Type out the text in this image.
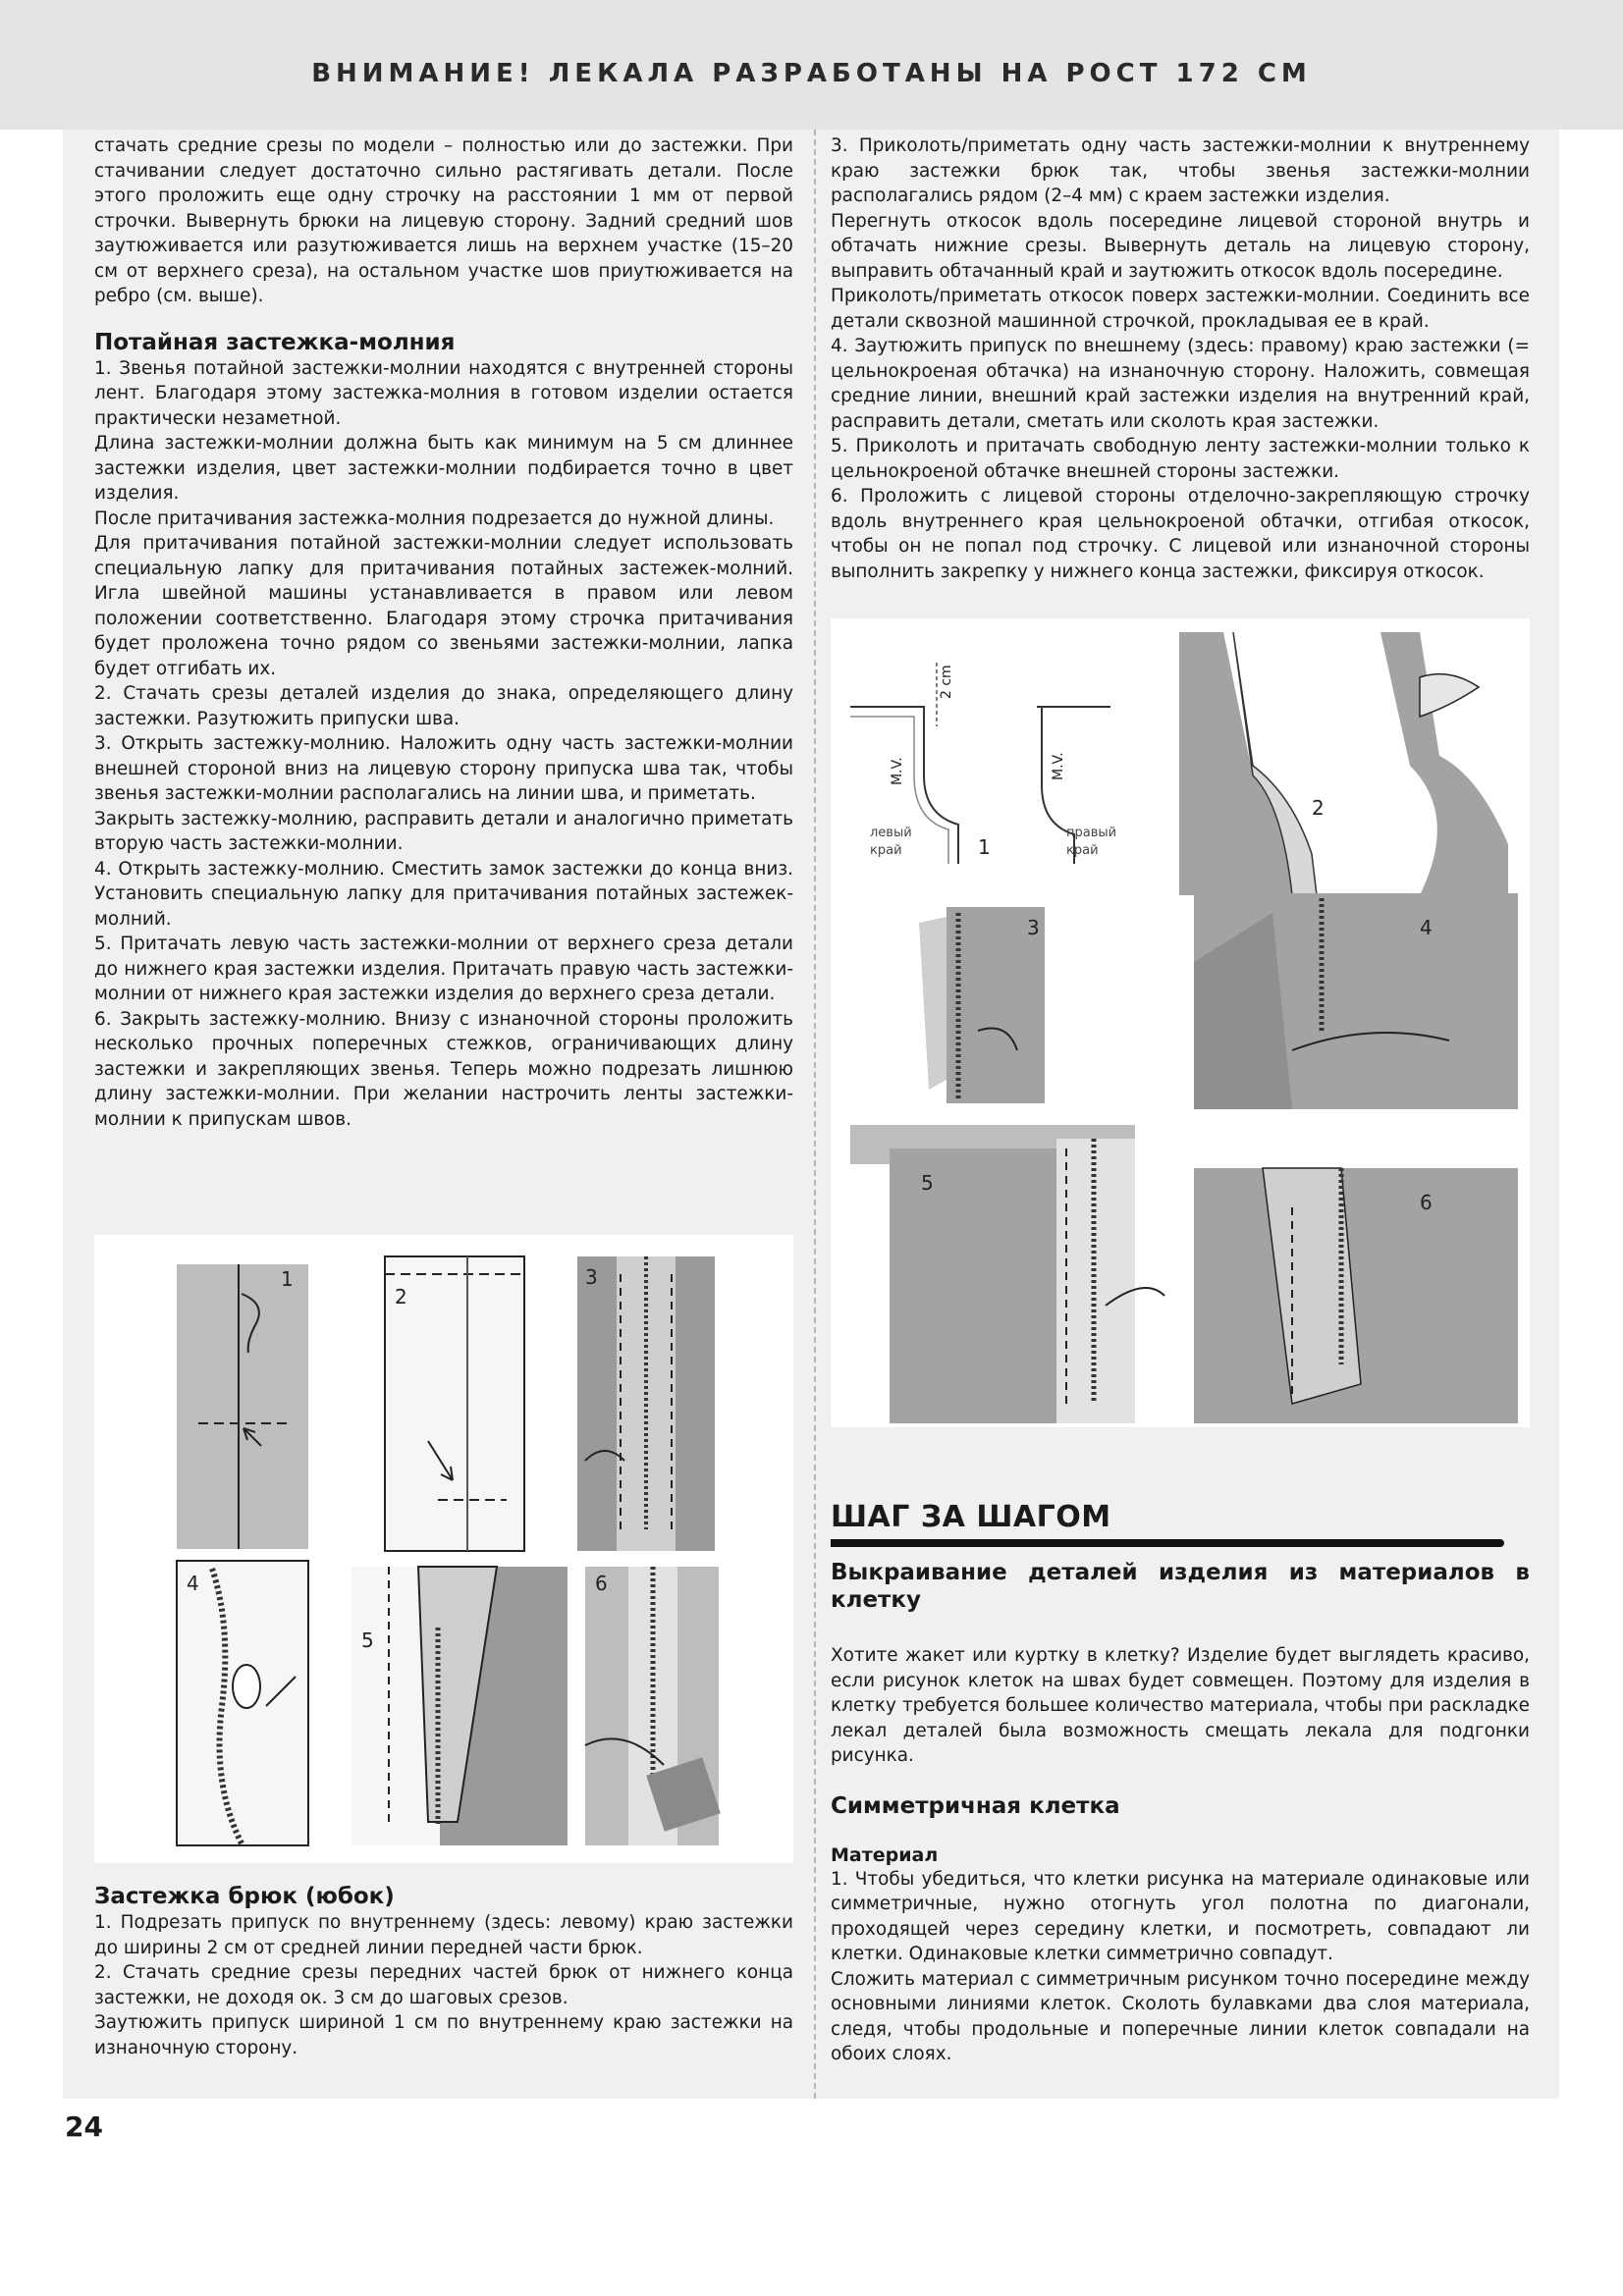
ВНИМАНИЕ! ЛЕКАЛА РАЗРАБОТАНЫ НА РОСТ 172 СМ

стачать средние срезы по модели – полностью или до застежки. При стачивании следует достаточно сильно растягивать детали. После этого проложить еще одну строчку на расстоянии 1 мм от первой строчки. Вывернуть брюки на лицевую сторону. Задний средний шов заутюживается или разутюживается лишь на верхнем участке (15–20 см от верхнего среза), на остальном участке шов приутюживается на ребро (см. выше).

Потайная застежка-молния

1. Звенья потайной застежки-молнии находятся с внутренней стороны лент. Благодаря этому застежка-молния в готовом изделии остается практически незаметной.

Длина застежки-молнии должна быть как минимум на 5 см длиннее застежки изделия, цвет застежки-молнии подбирается точно в цвет изделия.

После притачивания застежка-молния подрезается до нужной длины.

Для притачивания потайной застежки-молнии следует использовать специальную лапку для притачивания потайных застежек-молний. Игла швейной машины устанавливается в правом или левом положении соответственно. Благодаря этому строчка притачивания будет проложена точно рядом со звеньями застежки-молнии, лапка будет отгибать их.

2. Стачать срезы деталей изделия до знака, определяющего длину застежки. Разутюжить припуски шва.

3. Открыть застежку-молнию. Наложить одну часть застежки-молнии внешней стороной вниз на лицевую сторону припуска шва так, чтобы звенья застежки-молнии располагались на линии шва, и приметать.

Закрыть застежку-молнию, расправить детали и аналогично приметать вторую часть застежки-молнии.

4. Открыть застежку-молнию. Сместить замок застежки до конца вниз. Установить специальную лапку для притачивания потайных застежек-молний.

5. Притачать левую часть застежки-молнии от верхнего среза детали до нижнего края застежки изделия. Притачать правую часть застежки-молнии от нижнего края застежки изделия до верхнего среза детали.

6. Закрыть застежку-молнию. Внизу с изнаночной стороны проложить несколько прочных поперечных стежков, ограничивающих длину застежки и закрепляющих звенья. Теперь можно подрезать лишнюю длину застежки-молнии. При желании настрочить ленты застежки-молнии к припускам швов.

1
2
3
4
5
6
Застежка брюк (юбок)

1. Подрезать припуск по внутреннему (здесь: левому) краю застежки до ширины 2 см от средней линии передней части брюк.

2. Стачать средние срезы передних частей брюк от нижнего конца застежки, не доходя ок. 3 см до шаговых срезов.

Заутюжить припуск шириной 1 см по внутреннему краю застежки на изнаночную сторону.

3. Приколоть/приметать одну часть застежки-молнии к внутреннему краю застежки брюк так, чтобы звенья застежки-молнии располагались рядом (2–4 мм) с краем застежки изделия.

Перегнуть откосок вдоль посередине лицевой стороной внутрь и обтачать нижние срезы. Вывернуть деталь на лицевую сторону, выправить обтачанный край и заутюжить откосок вдоль посередине.

Приколоть/приметать откосок поверх застежки-молнии. Соединить все детали сквозной машинной строчкой, прокладывая ее в край.

4. Заутюжить припуск по внешнему (здесь: правому) краю застежки (= цельнокроеная обтачка) на изнаночную сторону. Наложить, совмещая средние линии, внешний край застежки изделия на внутренний край, расправить детали, сметать или сколоть края застежки.

5. Приколоть и притачать свободную ленту застежки-молнии только к цельнокроеной обтачке внешней стороны застежки.

6. Проложить с лицевой стороны отделочно-закрепляющую строчку вдоль внутреннего края цельнокроеной обтачки, отгибая откосок, чтобы он не попал под строчку. С лицевой или изнаночной стороны выполнить закрепку у нижнего конца застежки, фиксируя откосок.

2 cm
M.V.	M.V.
левый
край
правый
край
1
2
3	4
5
6
ШАГ ЗА ШАГОМ
Выкраивание деталей изделия из материалов в клетку

Хотите жакет или куртку в клетку? Изделие будет выглядеть красиво, если рисунок клеток на швах будет совмещен. Поэтому для изделия в клетку требуется большее количество материала, чтобы при раскладке лекал деталей была возможность смещать лекала для подгонки рисунка.

Симметричная клетка
Материал

1. Чтобы убедиться, что клетки рисунка на материале одинаковые или симметричные, нужно отогнуть угол полотна по диагонали, проходящей через середину клетки, и посмотреть, совпадают ли клетки. Одинаковые клетки симметрично совпадут.

Сложить материал с симметричным рисунком точно посередине между основными линиями клеток. Сколоть булавками два слоя материала, следя, чтобы продольные и поперечные линии клеток совпадали на обоих слоях.

24
